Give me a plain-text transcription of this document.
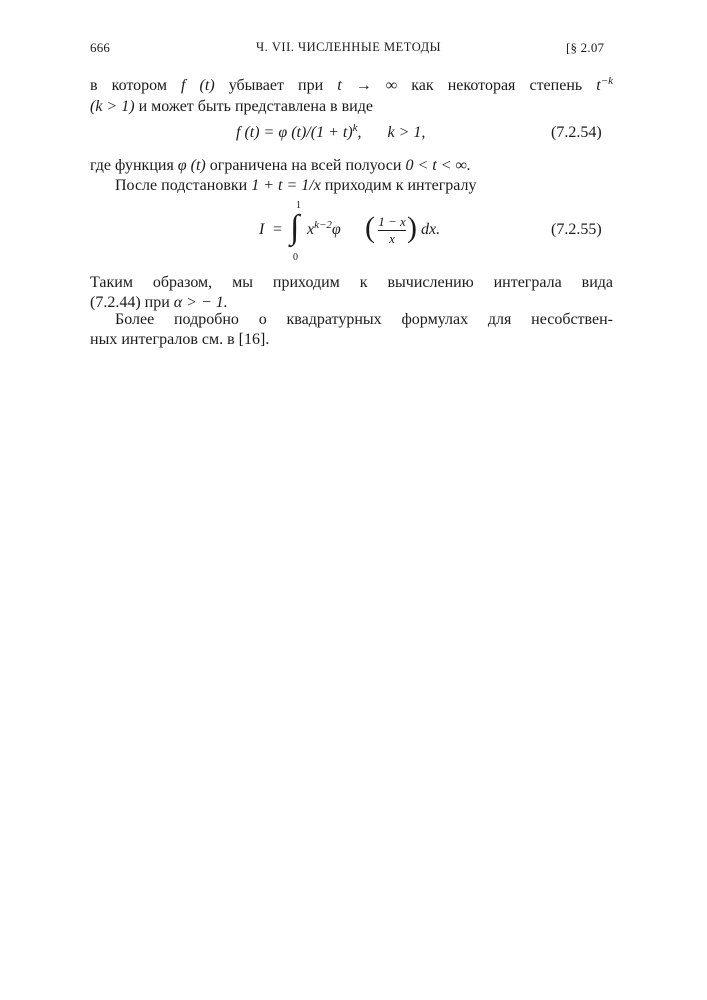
666	Ч. VII. ЧИСЛЕННЫЕ МЕТОДЫ	[§ 2.07
в котором f (t) убывает при t → ∞ как некоторая степень $t^{-k}$
(k > 1) и может быть представлена в виде
f (t) = φ $(t)/(1 + t)^k$, k > 1,	(7.2.54)
где функция φ (t) ограничена на всей полуоси 0 < t < ∞.
После подстановки 1 + t = 1/x приходим к интегралу
I = ∫
1
0
$x^{k-2}\varphi$ ( 1 − x
x ) dx.	(7.2.55)
Таким образом, мы приходим к вычислению интеграла вида
(7.2.44) при α > − 1.
Более подробно о квадратурных формулах для несобствен-
ных интегралов см. в [16].
